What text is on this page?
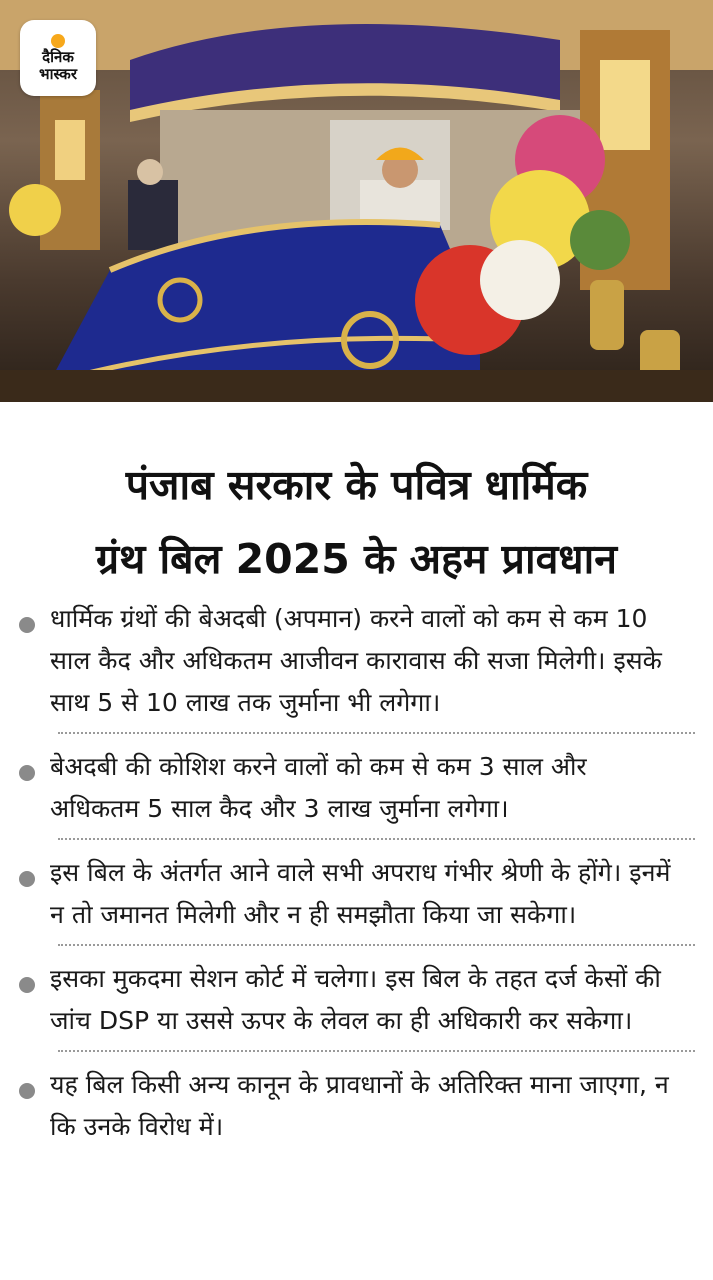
दैनिक
भास्कर
पंजाब सरकार के पवित्र धार्मिक
ग्रंथ बिल 2025 के अहम प्रावधान
धार्मिक ग्रंथों की बेअदबी (अपमान) करने वालों को कम से कम 10 साल कैद और अधिकतम आजीवन कारावास की सजा मिलेगी। इसके साथ 5 से 10 लाख तक जुर्माना भी लगेगा।
बेअदबी की कोशिश करने वालों को कम से कम 3 साल और अधिकतम 5 साल कैद और 3 लाख जुर्माना लगेगा।
इस बिल के अंतर्गत आने वाले सभी अपराध गंभीर श्रेणी के होंगे। इनमें न तो जमानत मिलेगी और न ही समझौता किया जा सकेगा।
इसका मुकदमा सेशन कोर्ट में चलेगा। इस बिल के तहत दर्ज केसों की जांच DSP या उससे ऊपर के लेवल का ही अधिकारी कर सकेगा।
यह बिल किसी अन्य कानून के प्रावधानों के अतिरिक्त माना जाएगा, न कि उनके विरोध में।
